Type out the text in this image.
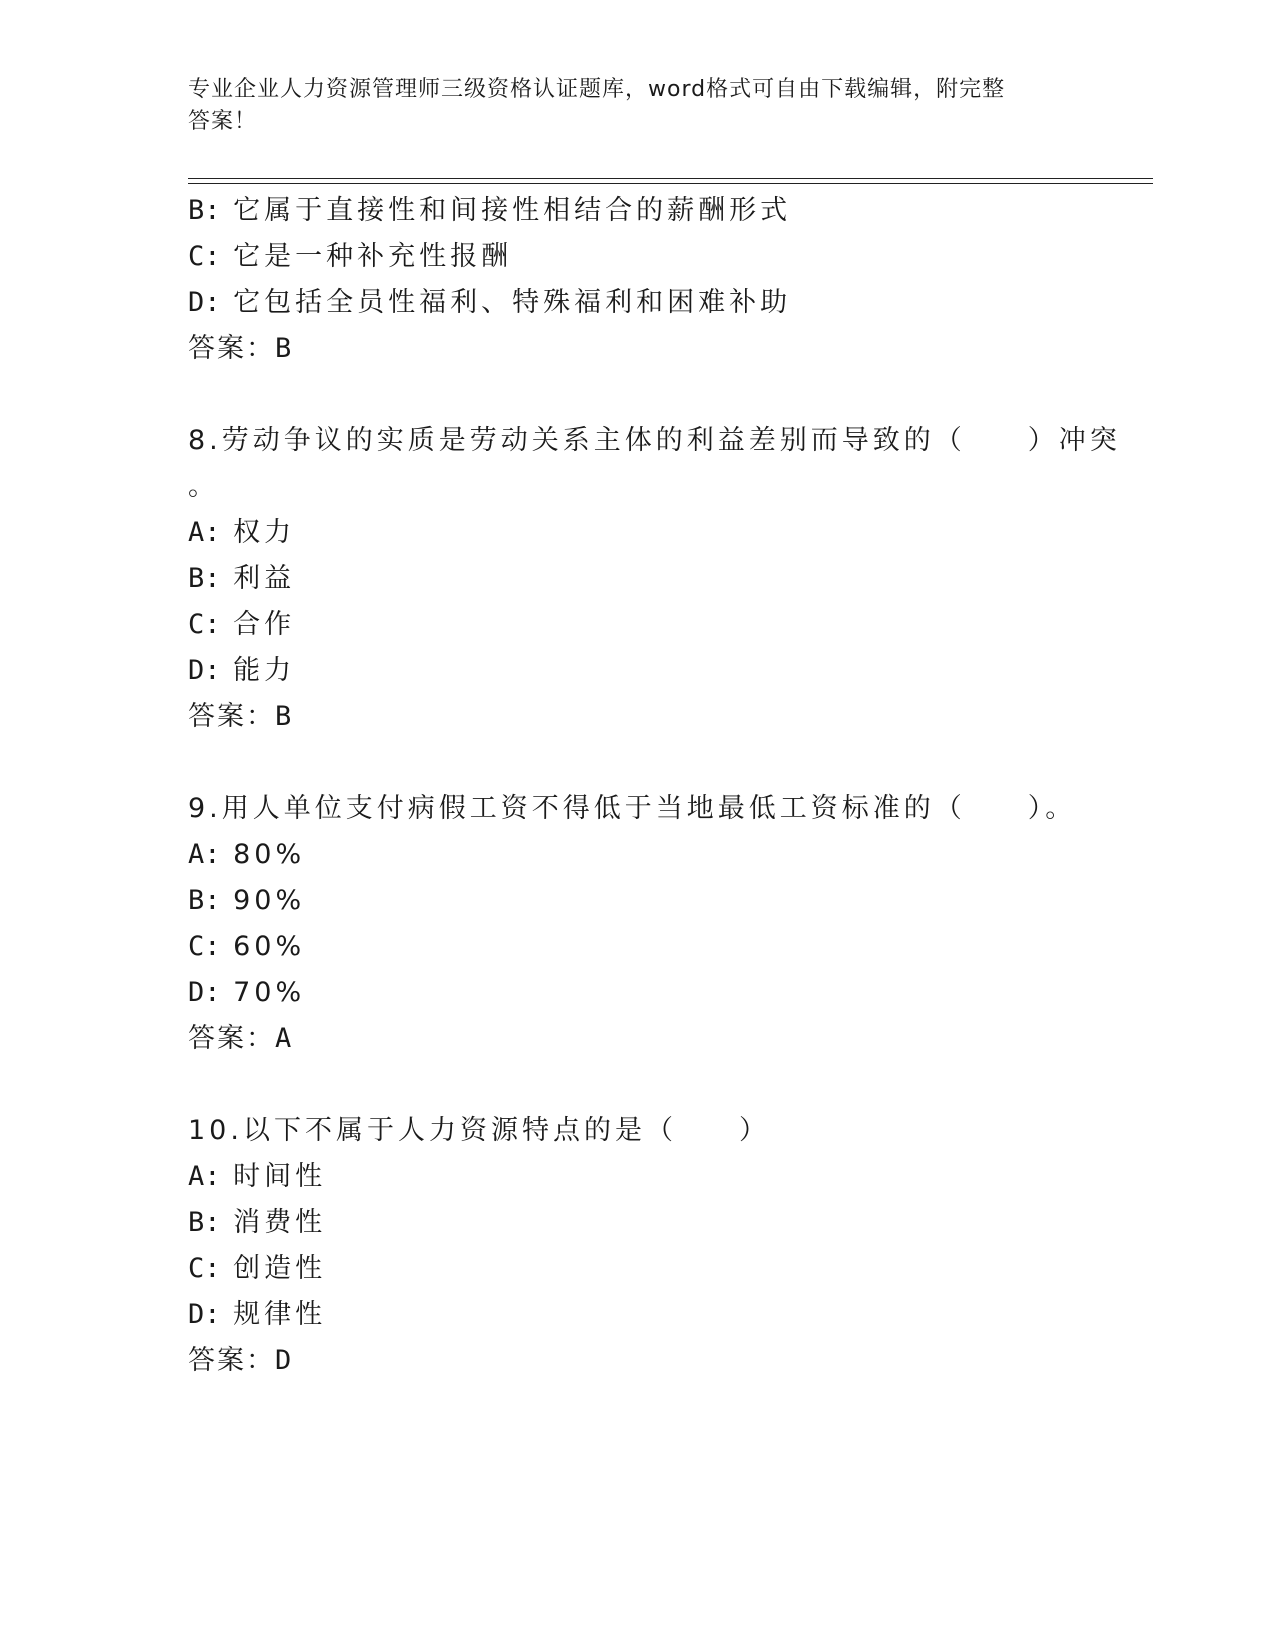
专业企业人力资源管理师三级资格认证题库，word格式可自由下载编辑，附完整
答案！
B: 它属于直接性和间接性相结合的薪酬形式
C: 它是一种补充性报酬
D: 它包括全员性福利、特殊福利和困难补助
答案：B
8.劳动争议的实质是劳动关系主体的利益差别而导致的（　　）冲突
。
A: 权力
B: 利益
C: 合作
D: 能力
答案：B
9.用人单位支付病假工资不得低于当地最低工资标准的（　　）。
A: 80%
B: 90%
C: 60%
D: 70%
答案：A
10.以下不属于人力资源特点的是（　　）
A: 时间性
B: 消费性
C: 创造性
D: 规律性
答案：D
